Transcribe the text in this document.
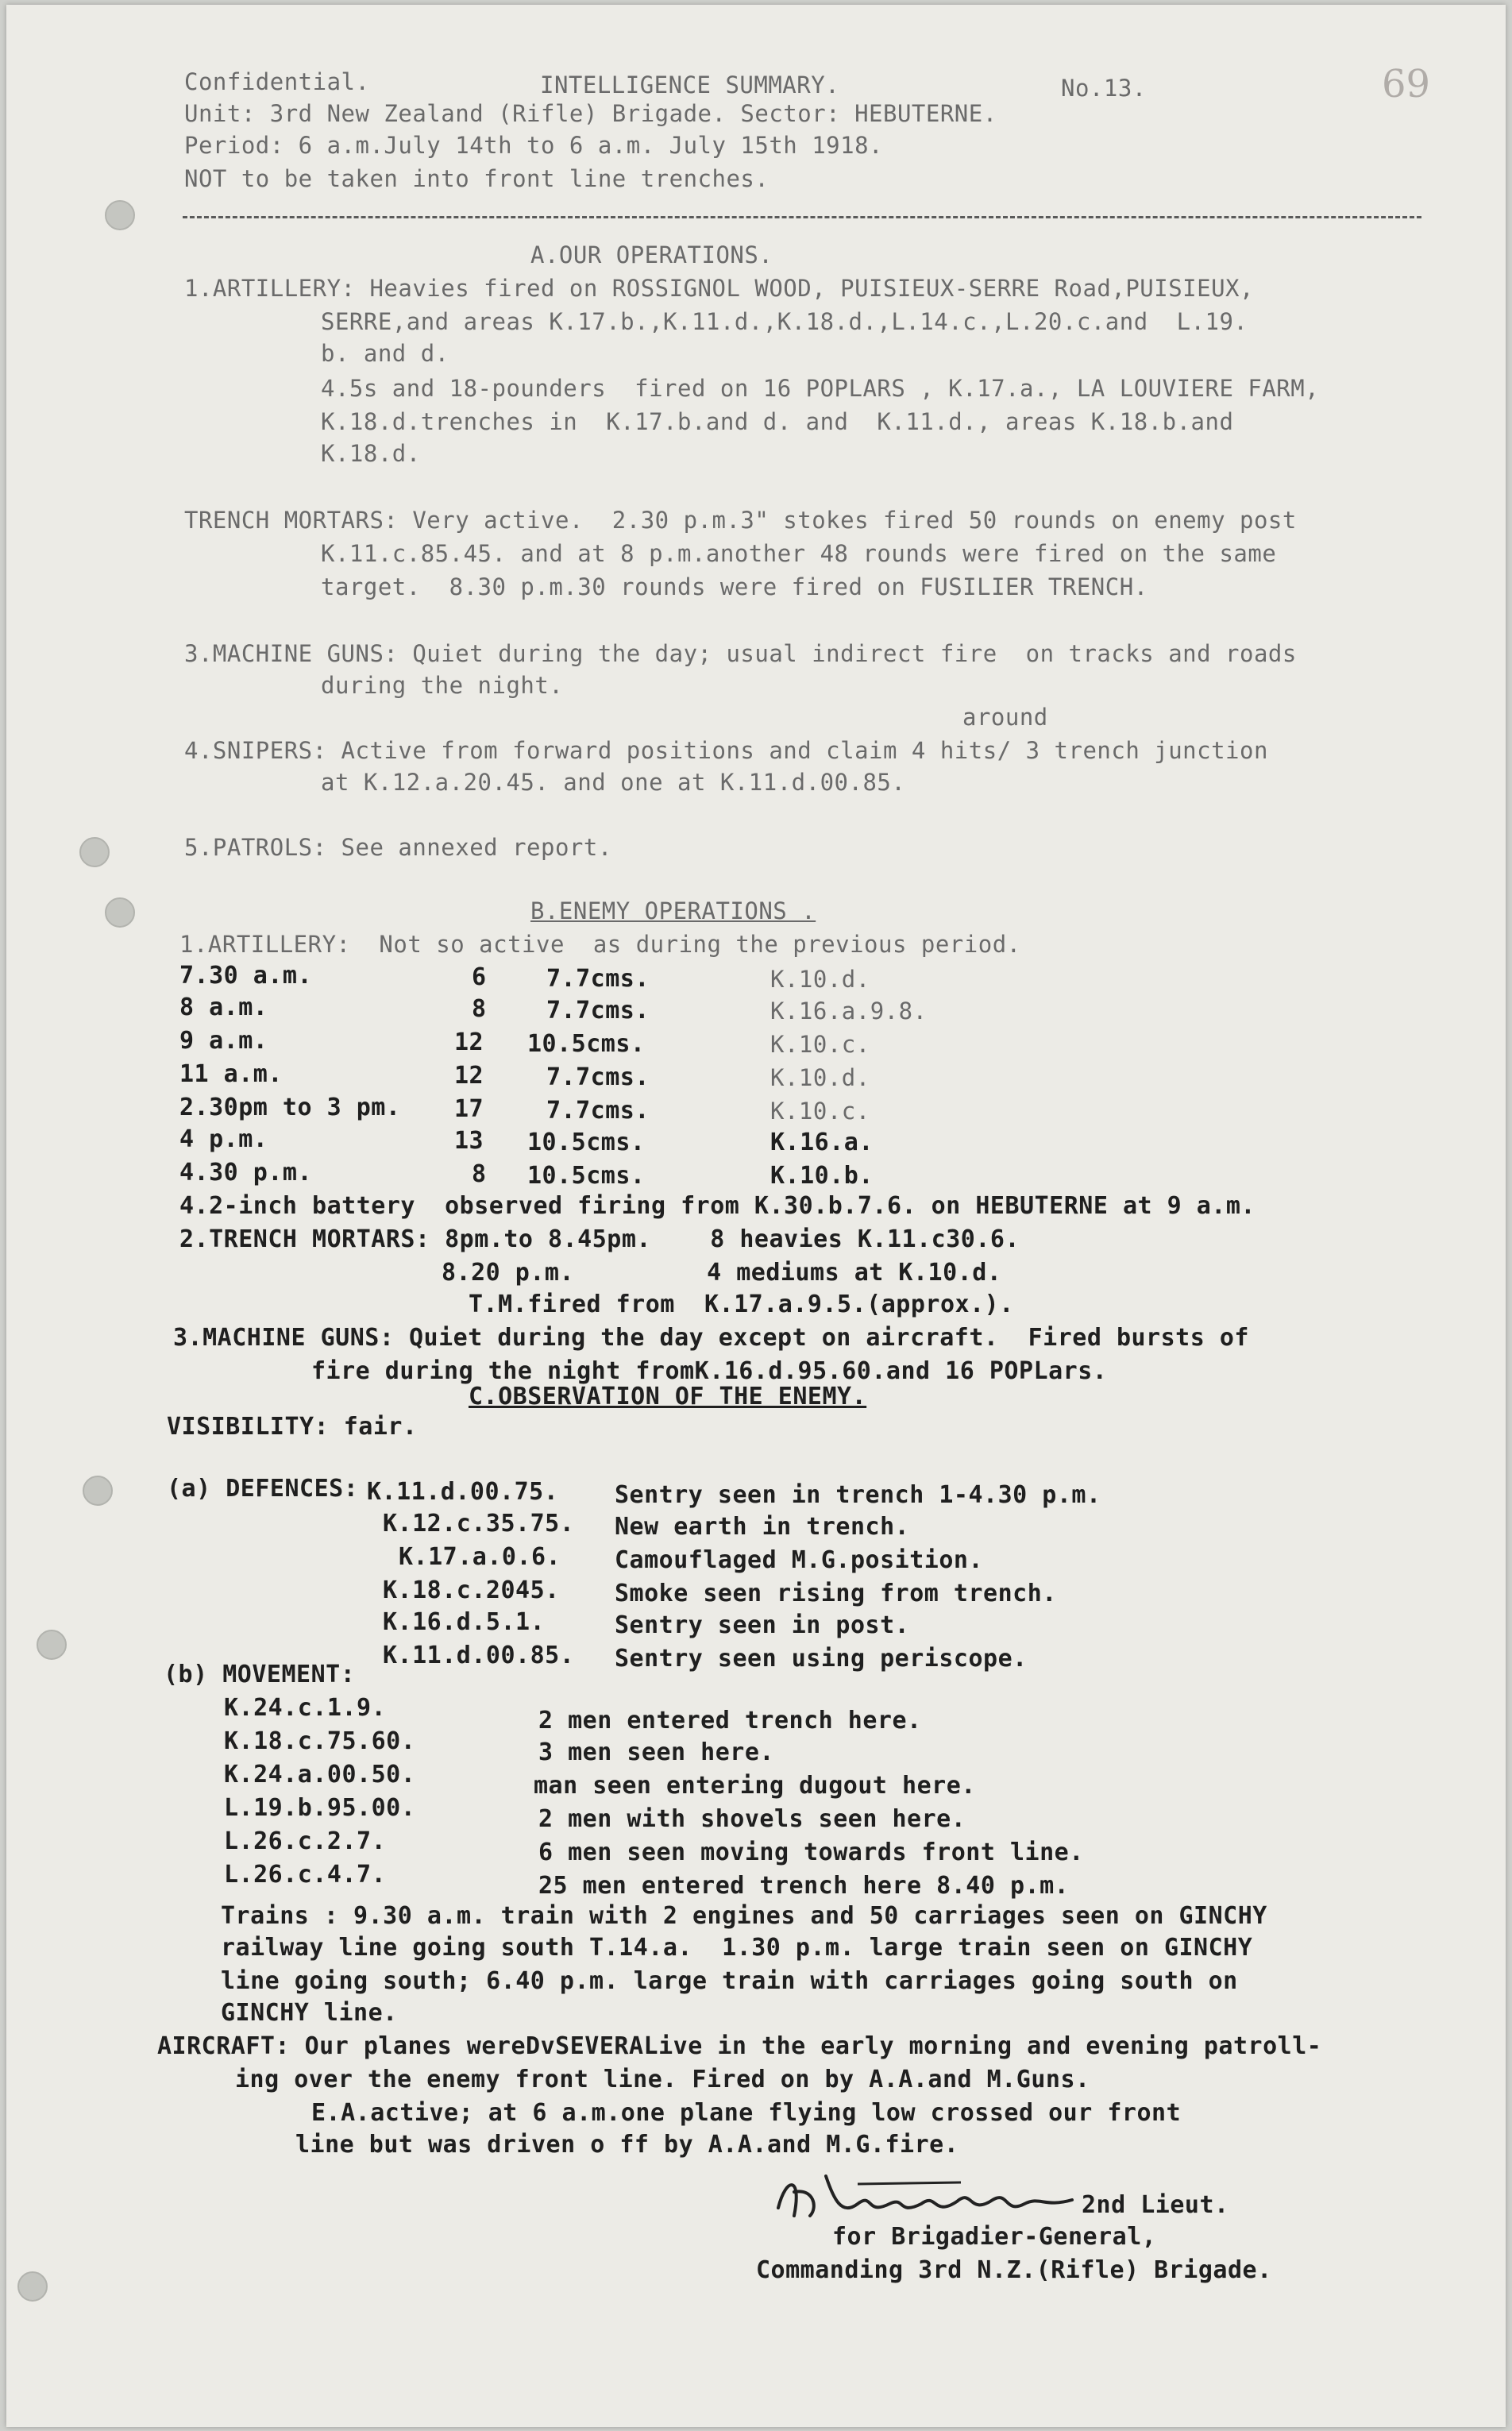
69
Confidential.	INTELLIGENCE SUMMARY.	No.13.
Unit: 3rd New Zealand (Rifle) Brigade. Sector: HEBUTERNE.
Period: 6 a.m.July 14th to 6 a.m. July 15th 1918.
NOT to be taken into front line trenches.
A.OUR OPERATIONS.
1.ARTILLERY: Heavies fired on ROSSIGNOL WOOD, PUISIEUX-SERRE Road,PUISIEUX,
SERRE,and areas K.17.b.,K.11.d.,K.18.d.,L.14.c.,L.20.c.and  L.19.
b. and d.
4.5s and 18-pounders  fired on 16 POPLARS , K.17.a., LA LOUVIERE FARM,
K.18.d.trenches in  K.17.b.and d. and  K.11.d., areas K.18.b.and
K.18.d.
TRENCH MORTARS: Very active.  2.30 p.m.3" stokes fired 50 rounds on enemy post
K.11.c.85.45. and at 8 p.m.another 48 rounds were fired on the same
target.  8.30 p.m.30 rounds were fired on FUSILIER TRENCH.
3.MACHINE GUNS: Quiet during the day; usual indirect fire  on tracks and roads
during the night.
around
4.SNIPERS: Active from forward positions and claim 4 hits/ 3 trench junction
at K.12.a.20.45. and one at K.11.d.00.85.
5.PATROLS: See annexed report.
B.ENEMY OPERATIONS .
1.ARTILLERY:  Not so active  as during the previous period.
7.30 a.m.	6	7.7cms.	K.10.d.
8 a.m.	8	7.7cms.	K.16.a.9.8.
9 a.m.	12 10.5cms.	K.10.c.
11 a.m.	12	7.7cms.	K.10.d.
2.30pm to 3 pm. 17	7.7cms.	K.10.c.
4 p.m.	13 10.5cms.	K.16.a.
4.30 p.m.	8 10.5cms.	K.10.b.
4.2-inch battery  observed firing from K.30.b.7.6. on HEBUTERNE at 9 a.m.
2.TRENCH MORTARS: 8pm.to 8.45pm.    8 heavies K.11.c30.6.
8.20 p.m.         4 mediums at K.10.d.
T.M.fired from  K.17.a.9.5.(approx.).
3.MACHINE GUNS: Quiet during the day except on aircraft.  Fired bursts of
fire during the night fromK.16.d.95.60.and 16 POPLars.
C.OBSERVATION OF THE ENEMY.
VISIBILITY: fair.
(a) DEFENCES: K.11.d.00.75. Sentry seen in trench 1-4.30 p.m.
K.12.c.35.75. New earth in trench.
K.17.a.0.6. Camouflaged M.G.position.
K.18.c.2045. Smoke seen rising from trench.
K.16.d.5.1.	Sentry seen in post.
K.11.d.00.85. Sentry seen using periscope.
(b) MOVEMENT:
K.24.c.1.9.	2 men entered trench here.
K.18.c.75.60.	3 men seen here.
K.24.a.00.50.	man seen entering dugout here.
L.19.b.95.00.	2 men with shovels seen here.
L.26.c.2.7.	6 men seen moving towards front line.
L.26.c.4.7.	25 men entered trench here 8.40 p.m.
Trains : 9.30 a.m. train with 2 engines and 50 carriages seen on GINCHY
railway line going south T.14.a.  1.30 p.m. large train seen on GINCHY
line going south; 6.40 p.m. large train with carriages going south on
GINCHY line.
AIRCRAFT: Our planes wereDvSEVERALive in the early morning and evening patroll-
ing over the enemy front line. Fired on by A.A.and M.Guns.
E.A.active; at 6 a.m.one plane flying low crossed our front
line but was driven o ff by A.A.and M.G.fire.
2nd Lieut.
for Brigadier-General,
Commanding 3rd N.Z.(Rifle) Brigade.
